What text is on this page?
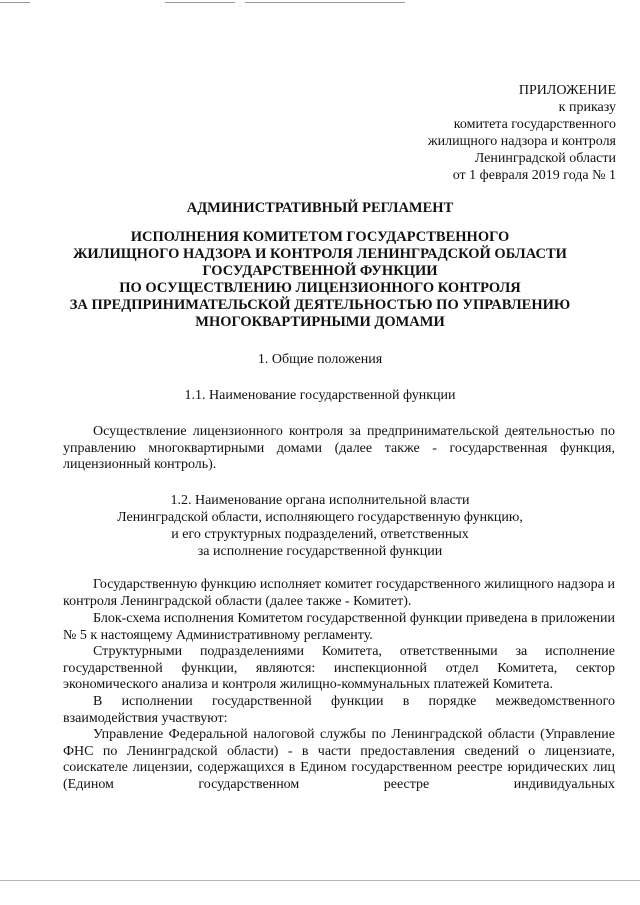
ПРИЛОЖЕНИЕ
к приказу
комитета государственного
жилищного надзора и контроля
Ленинградской области
от 1 февраля 2019 года № 1
АДМИНИСТРАТИВНЫЙ РЕГЛАМЕНТ
ИСПОЛНЕНИЯ КОМИТЕТОМ ГОСУДАРСТВЕННОГО
ЖИЛИЩНОГО НАДЗОРА И КОНТРОЛЯ ЛЕНИНГРАДСКОЙ ОБЛАСТИ
ГОСУДАРСТВЕННОЙ ФУНКЦИИ
ПО ОСУЩЕСТВЛЕНИЮ ЛИЦЕНЗИОННОГО КОНТРОЛЯ
ЗА ПРЕДПРИНИМАТЕЛЬСКОЙ ДЕЯТЕЛЬНОСТЬЮ ПО УПРАВЛЕНИЮ
МНОГОКВАРТИРНЫМИ ДОМАМИ
1. Общие положения
1.1. Наименование государственной функции

Осуществление лицензионного контроля за предпринимательской деятельностью по управлению многоквартирными домами (далее также - государственная функция, лицензионный контроль).

1.2. Наименование органа исполнительной власти
Ленинградской области, исполняющего государственную функцию,
и его структурных подразделений, ответственных
за исполнение государственной функции

Государственную функцию исполняет комитет государственного жилищного надзора и контроля Ленинградской области (далее также - Комитет).

Блок-схема исполнения Комитетом государственной функции приведена в приложении № 5 к настоящему Административному регламенту.

Структурными подразделениями Комитета, ответственными за исполнение государственной функции, являются: инспекционной отдел Комитета, сектор экономического анализа и контроля жилищно-коммунальных платежей Комитета.

В исполнении государственной функции в порядке межведомственного взаимодействия участвуют:

Управление Федеральной налоговой службы по Ленинградской области (Управление ФНС по Ленинградской области) - в части предоставления сведений о лицензиате, соискателе лицензии, содержащихся в Едином государственном реестре юридических лиц (Едином государственном реестре индивидуальных
